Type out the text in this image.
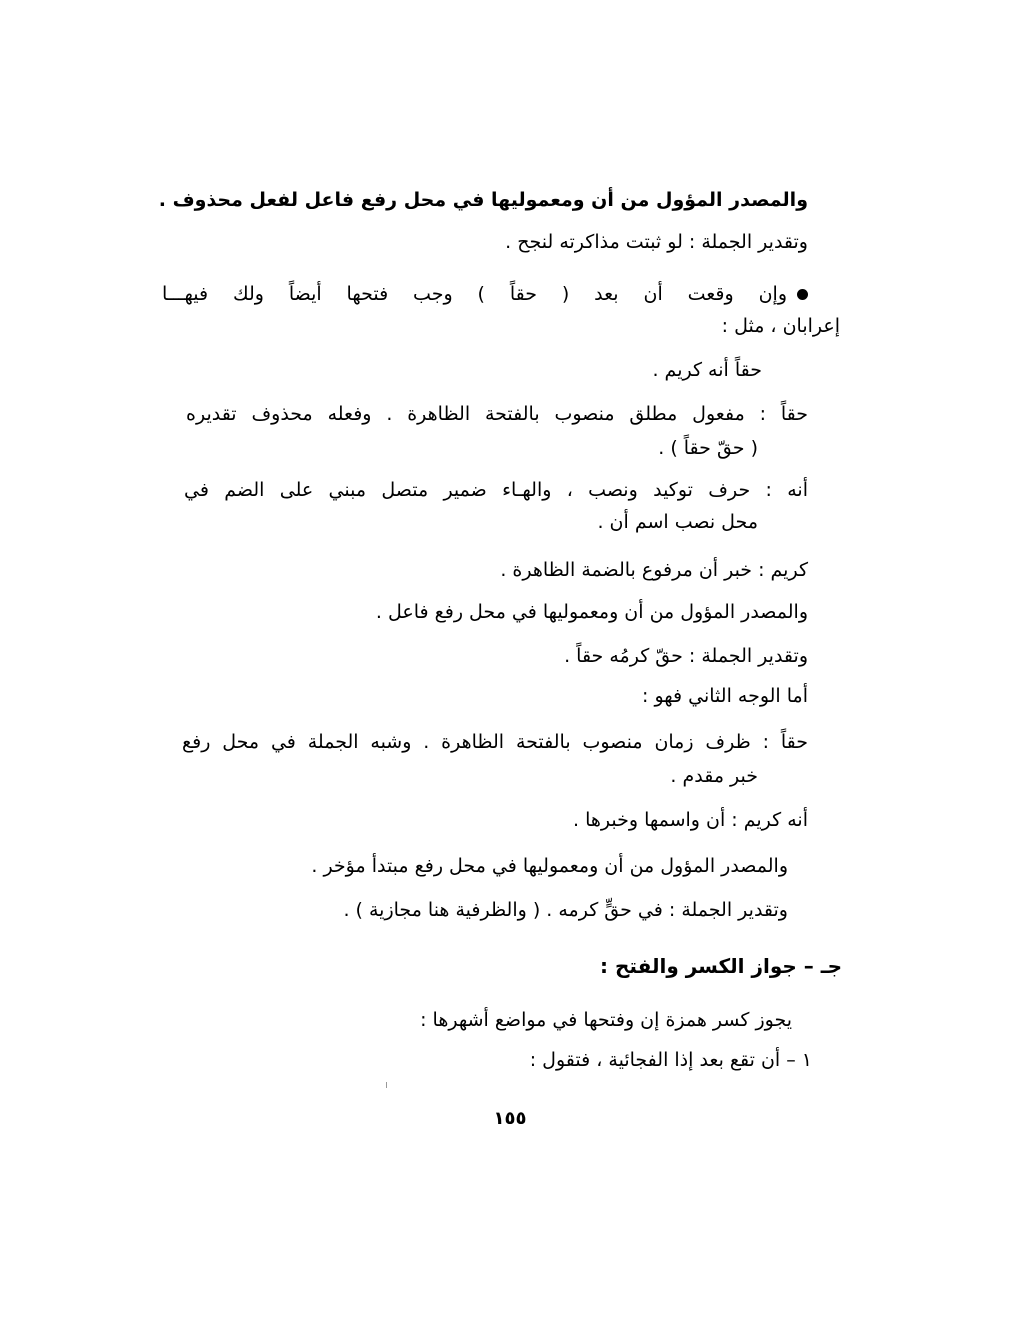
والمصدر المؤول من أن ومعموليها في محل رفع فاعل لفعل محذوف .
وتقدير الجملة : لو ثبتت مذاكرته لنجح .
وإن وقعت أن بعد ( حقاً ) وجب فتحها أيضاً ولك فيهـــا
إعرابان ، مثل :
حقاً أنه كريم .
حقاً : مفعول مطلق منصوب بالفتحة الظاهرة . وفعله محذوف تقديره
( حقّ حقاً ) .
أنه : حرف توكيد ونصب ، والهـاء ضمير متصل مبني على الضم في
محل نصب اسم أن .
كريم : خبر أن مرفوع بالضمة الظاهرة .
والمصدر المؤول من أن ومعموليها في محل رفع فاعل .
وتقدير الجملة : حقّ كرمُه حقاً .
أما الوجه الثاني فهو :
حقاً : ظرف زمان منصوب بالفتحة الظاهرة . وشبه الجملة في محل رفع
خبر مقدم .
أنه كريم : أن واسمها وخبرها .
والمصدر المؤول من أن ومعموليها في محل رفع مبتدأ مؤخر .
وتقدير الجملة : في حقٍّ كرمه . ( والظرفية هنا مجازية ) .
جـ – جواز الكسر والفتح :
يجوز كسر همزة إن وفتحها في مواضع أشهرها :
١ – أن تقع بعد إذا الفجائية ، فتقول :
١٥٥
